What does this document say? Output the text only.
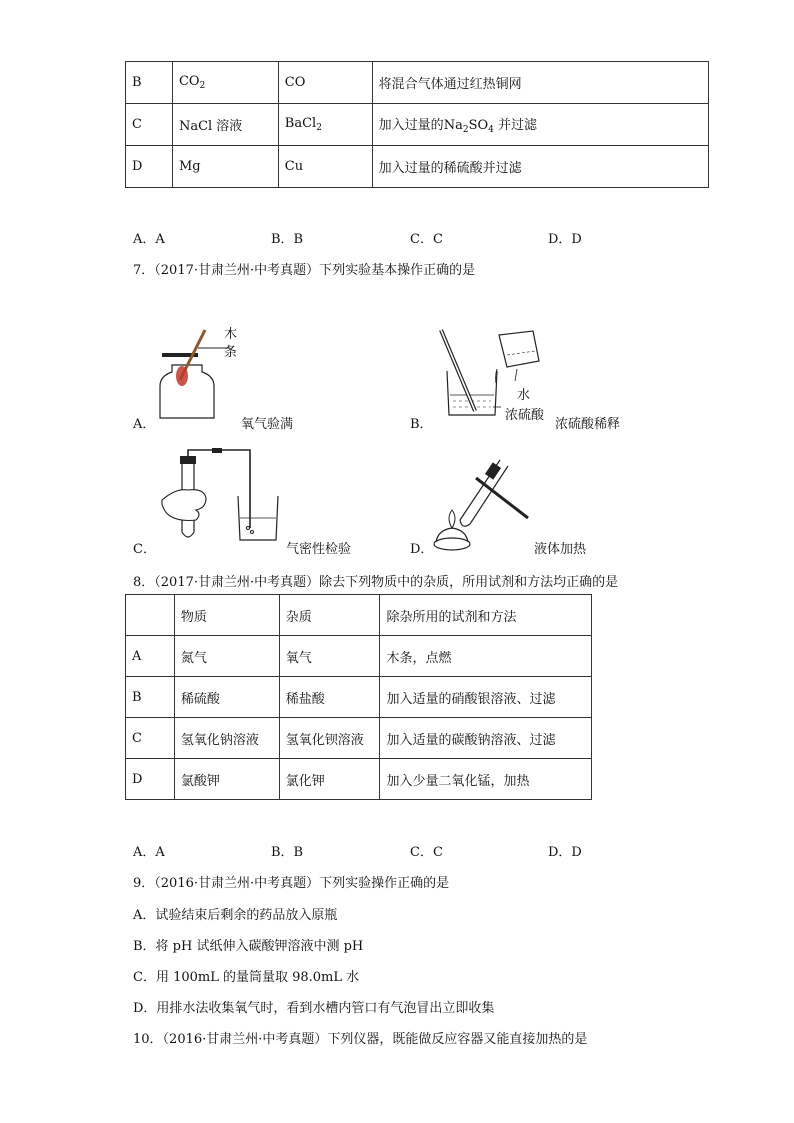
B	$CO_2$	CO	将混合气体通过红热铜网
C	NaCl 溶液	BaCl$_2$	加入过量的$Na_2SO_4$ 并过滤
D	Mg	Cu	加入过量的稀硫酸并过滤
A．A	B．B	C．C	D．D
7．（2017·甘肃兰州·中考真题）下列实验基本操作正确的是
A．
木
条
氧气验满	B．
水
浓硫酸
浓硫酸稀释
C．	气密性检验	D．	液体加热
8．（2017·甘肃兰州·中考真题）除去下列物质中的杂质，所用试剂和方法均正确的是
	物质	杂质	除杂所用的试剂和方法
A	氮气	氧气	木条，点燃
B	稀硫酸	稀盐酸	加入适量的硝酸银溶液、过滤
C	氢氧化钠溶液	氢氧化钡溶液	加入适量的碳酸钠溶液、过滤
D	氯酸钾	氯化钾	加入少量二氧化锰，加热
A．A	B．B	C．C	D．D
9．（2016·甘肃兰州·中考真题）下列实验操作正确的是
A．试验结束后剩余的药品放入原瓶
B．将 pH 试纸伸入碳酸钾溶液中测 pH
C．用 100mL 的量筒量取 98.0mL 水
D．用排水法收集氧气时，看到水槽内管口有气泡冒出立即收集
10．（2016·甘肃兰州·中考真题）下列仪器，既能做反应容器又能直接加热的是
